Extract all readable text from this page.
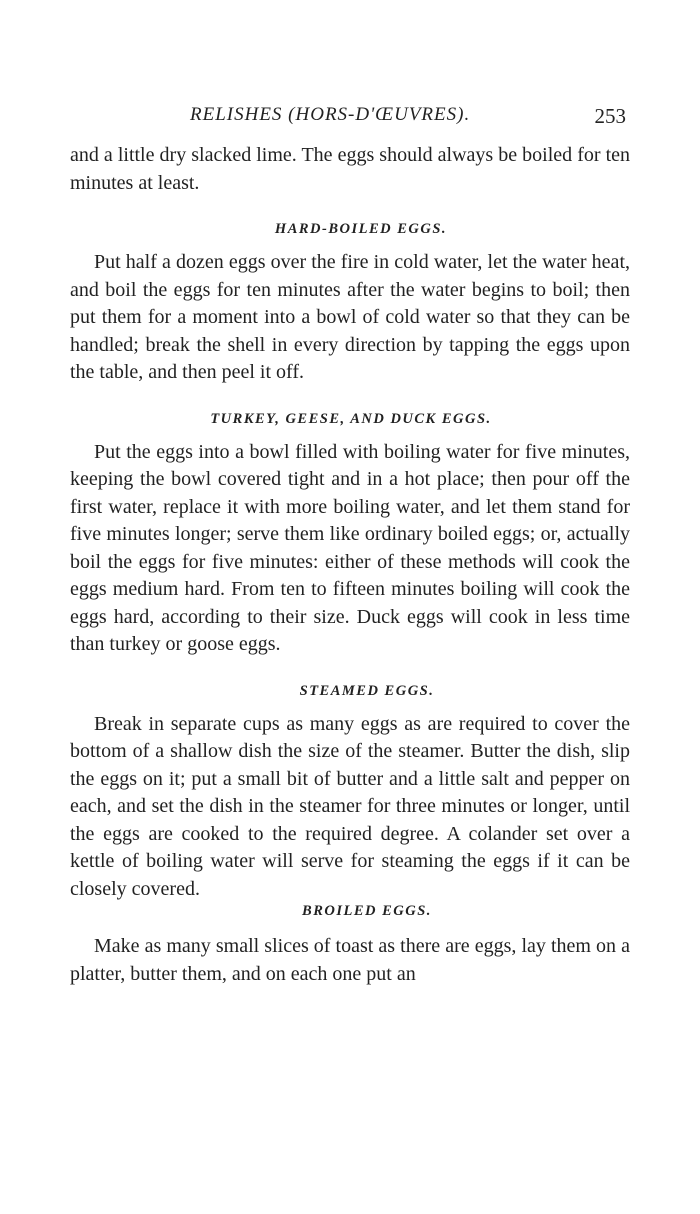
RELISHES (HORS-D'ŒUVRES).	253

and a little dry slacked lime. The eggs should always be boiled for ten minutes at least.

HARD-BOILED EGGS.

Put half a dozen eggs over the fire in cold water, let the water heat, and boil the eggs for ten minutes after the water begins to boil; then put them for a moment into a bowl of cold water so that they can be handled; break the shell in every direction by tapping the eggs upon the table, and then peel it off.

TURKEY, GEESE, AND DUCK EGGS.

Put the eggs into a bowl filled with boiling water for five minutes, keeping the bowl covered tight and in a hot place; then pour off the first water, replace it with more boiling water, and let them stand for five minutes longer; serve them like ordinary boiled eggs; or, actually boil the eggs for five minutes: either of these methods will cook the eggs medium hard. From ten to fifteen minutes boiling will cook the eggs hard, according to their size. Duck eggs will cook in less time than turkey or goose eggs.

STEAMED EGGS.

Break in separate cups as many eggs as are required to cover the bottom of a shallow dish the size of the steamer. Butter the dish, slip the eggs on it; put a small bit of butter and a little salt and pepper on each, and set the dish in the steamer for three minutes or longer, until the eggs are cooked to the required degree. A colander set over a kettle of boiling water will serve for steaming the eggs if it can be closely covered.

BROILED EGGS.

Make as many small slices of toast as there are eggs, lay them on a platter, butter them, and on each one put an
